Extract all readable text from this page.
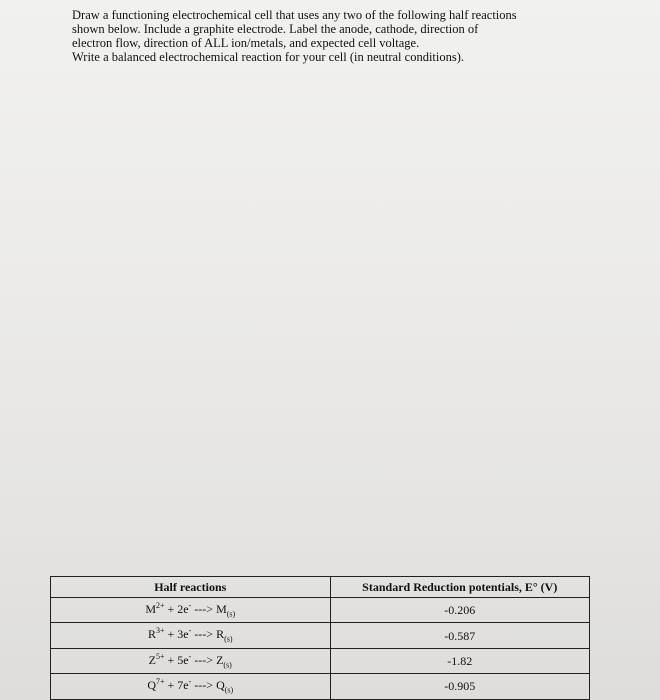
Draw a functioning electrochemical cell that uses any two of the following half reactions

shown below. Include a graphite electrode. Label the anode, cathode, direction of

electron flow, direction of ALL ion/metals, and expected cell voltage.

Write a balanced electrochemical reaction for your cell (in neutral conditions).

Half reactions	Standard Reduction potentials, E° (V)
$M^{2+} + 2e^-$ ---> $M_{(s)}$	-0.206
$R^{3+} + 3e^-$ ---> $R_{(s)}$	-0.587
$Z^{5+} + 5e^-$ ---> $Z_{(s)}$	-1.82
$Q^{7+} + 7e^-$ ---> $Q_{(s)}$	-0.905
